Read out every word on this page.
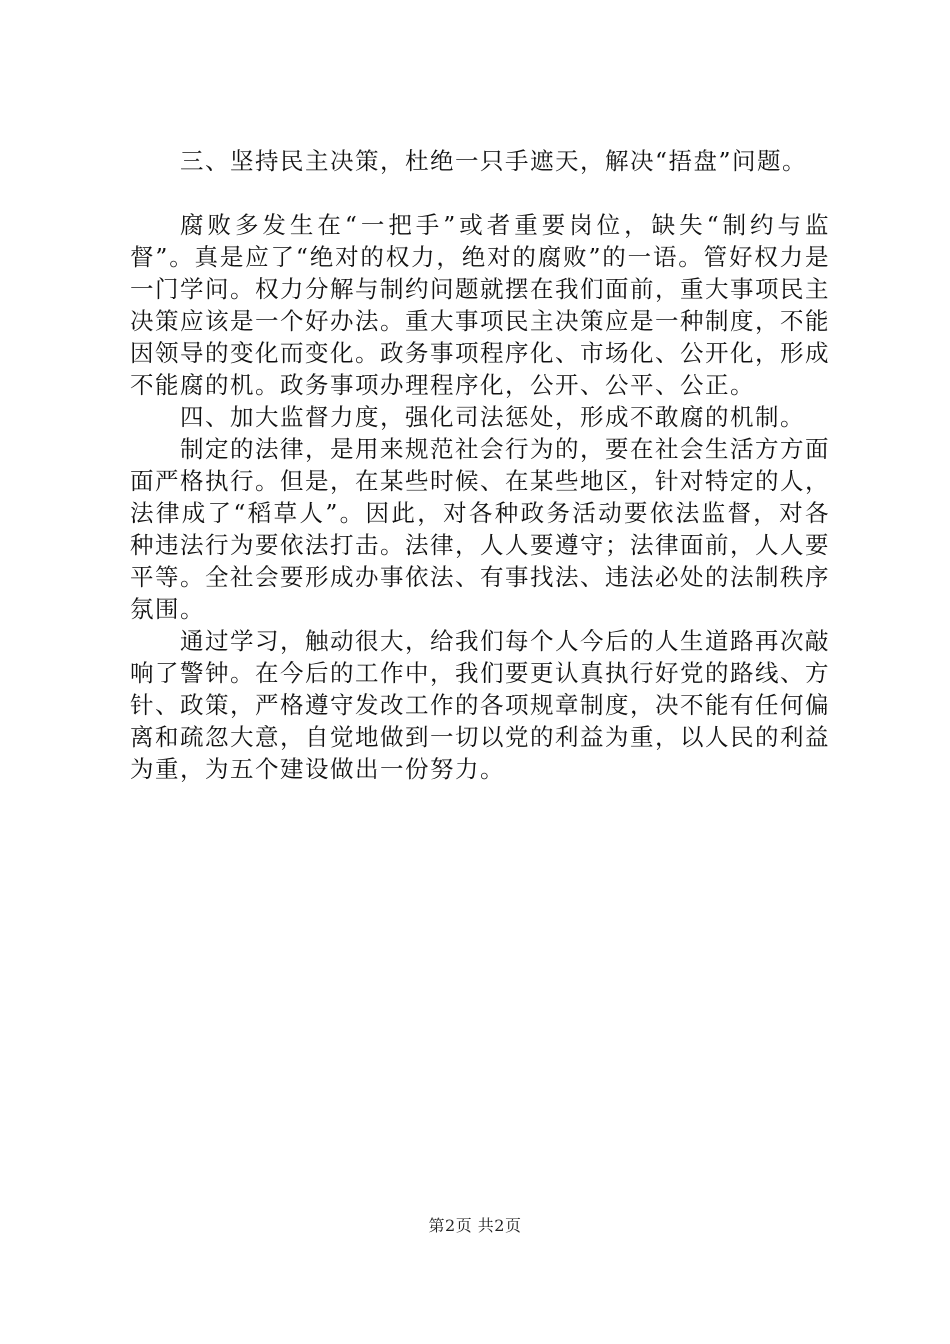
三、坚持民主决策，杜绝一只手遮天，解决“捂盘”问题。

腐败多发生在“一把手”或者重要岗位，缺失“制约与监督”。真是应了“绝对的权力，绝对的腐败”的一语。管好权力是一门学问。权力分解与制约问题就摆在我们面前，重大事项民主决策应该是一个好办法。重大事项民主决策应是一种制度，不能因领导的变化而变化。政务事项程序化、市场化、公开化，形成不能腐的机。政务事项办理程序化，公开、公平、公正。

四、加大监督力度，强化司法惩处，形成不敢腐的机制。

制定的法律，是用来规范社会行为的，要在社会生活方方面面严格执行。但是，在某些时候、在某些地区，针对特定的人，法律成了“稻草人”。因此，对各种政务活动要依法监督，对各种违法行为要依法打击。法律，人人要遵守；法律面前，人人要平等。全社会要形成办事依法、有事找法、违法必处的法制秩序氛围。

通过学习，触动很大，给我们每个人今后的人生道路再次敲响了警钟。在今后的工作中，我们要更认真执行好党的路线、方针、政策，严格遵守发改工作的各项规章制度，决不能有任何偏离和疏忽大意，自觉地做到一切以党的利益为重，以人民的利益为重，为五个建设做出一份努力。

第2页 共2页
